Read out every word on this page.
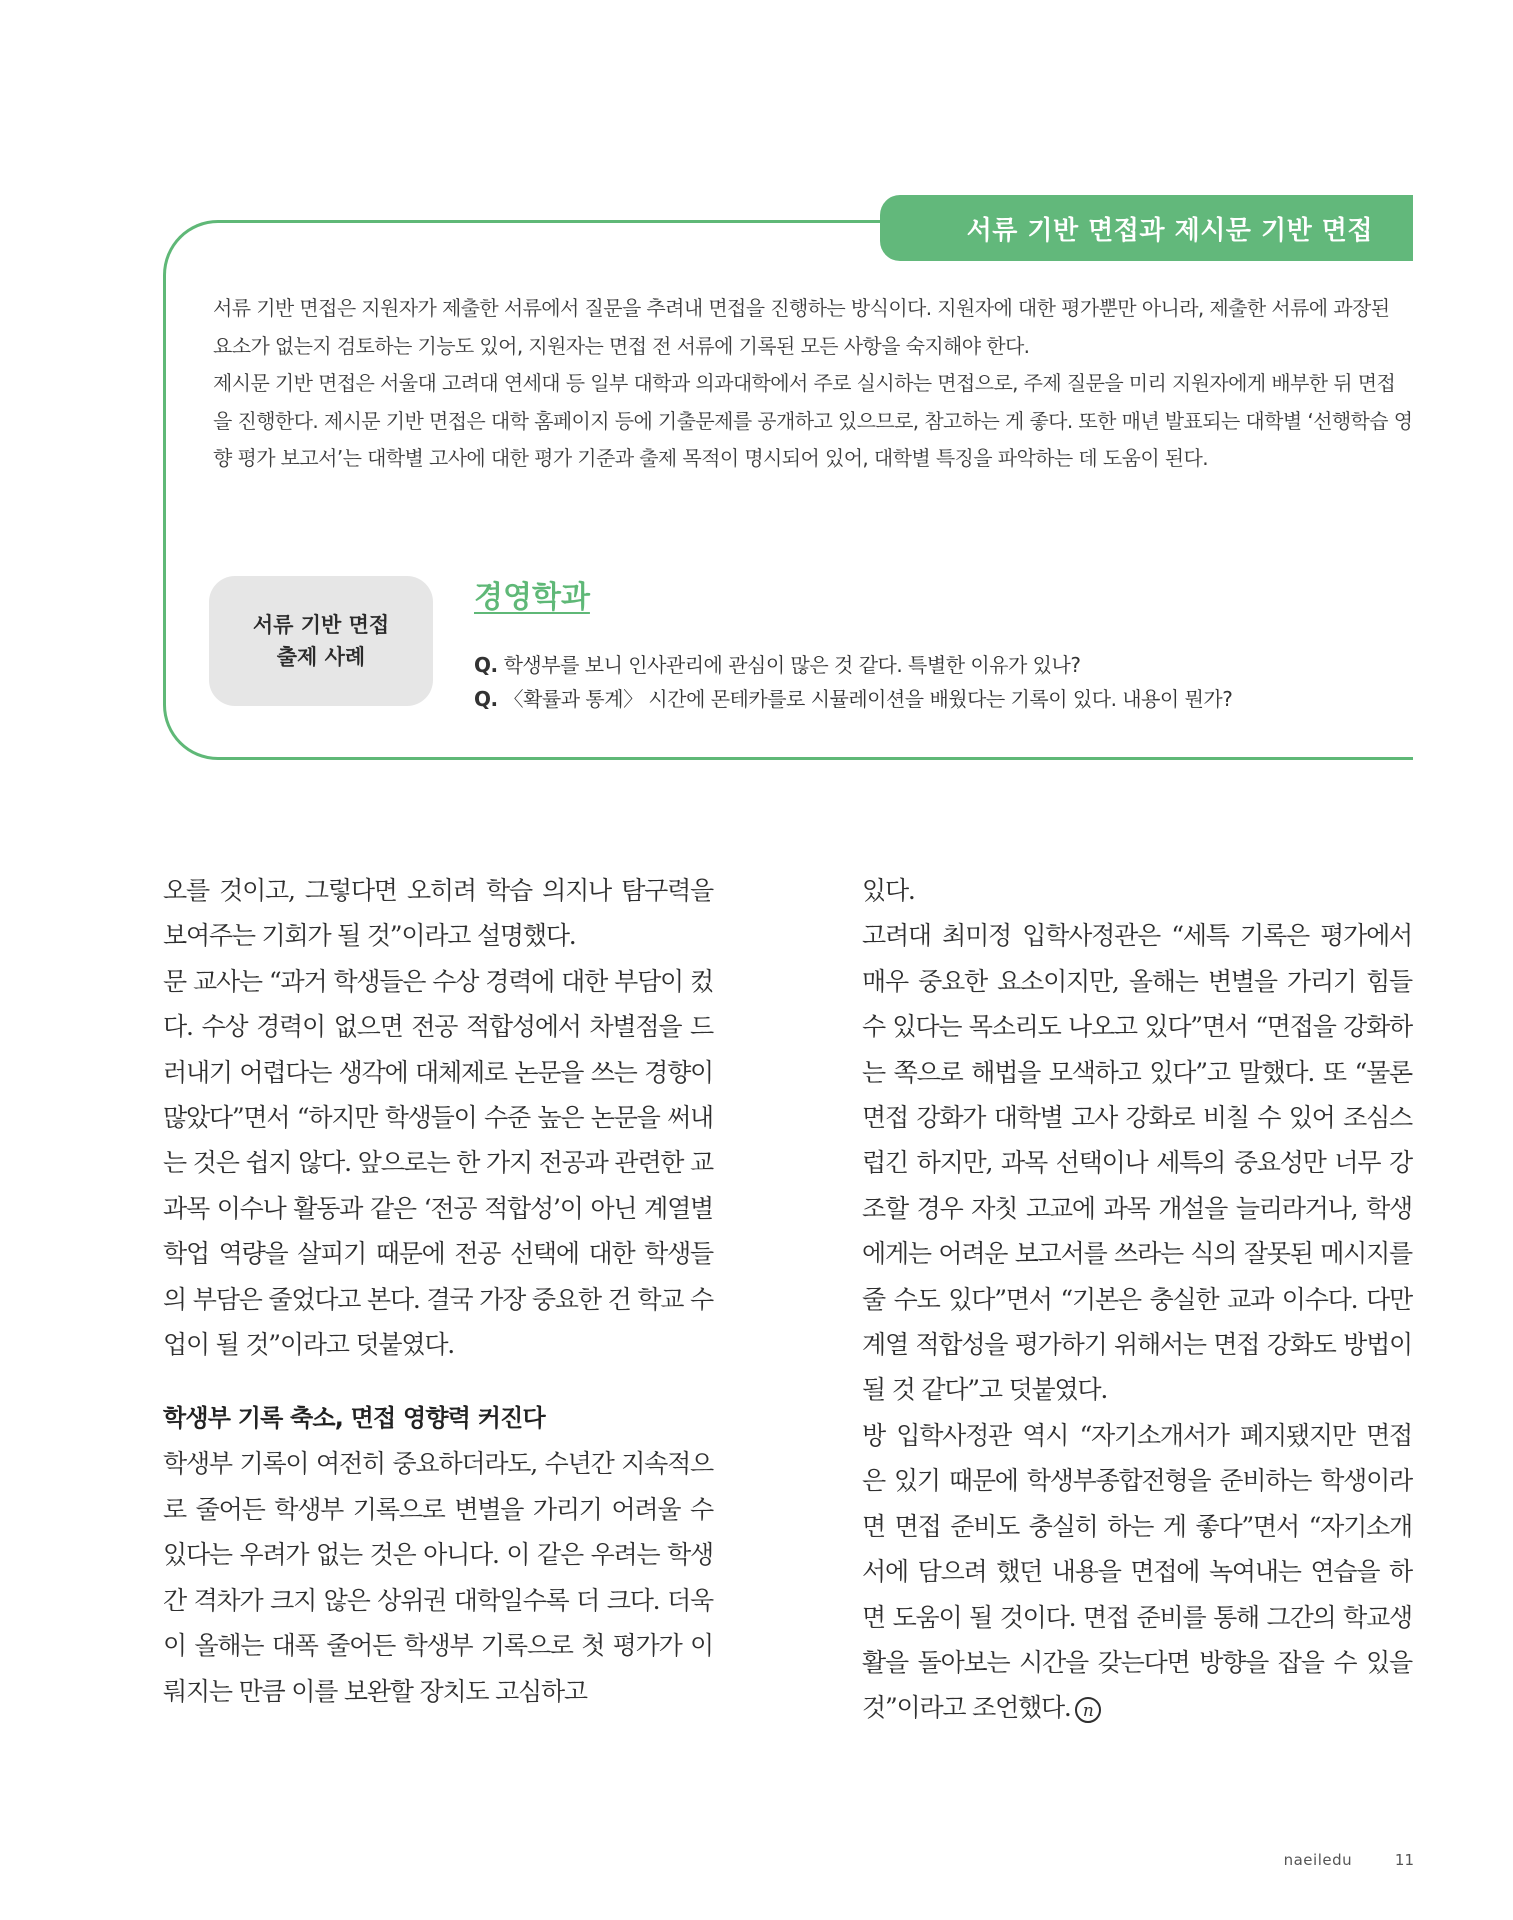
서류 기반 면접과 제시문 기반 면접

서류 기반 면접은 지원자가 제출한 서류에서 질문을 추려내 면접을 진행하는 방식이다. 지원자에 대한 평가뿐만 아니라, 제출한 서류에 과장된 요소가 없는지 검토하는 기능도 있어, 지원자는 면접 전 서류에 기록된 모든 사항을 숙지해야 한다.

제시문 기반 면접은 서울대 고려대 연세대 등 일부 대학과 의과대학에서 주로 실시하는 면접으로, 주제 질문을 미리 지원자에게 배부한 뒤 면접을 진행한다. 제시문 기반 면접은 대학 홈페이지 등에 기출문제를 공개하고 있으므로, 참고하는 게 좋다. 또한 매년 발표되는 대학별 ‘선행학습 영향 평가 보고서’는 대학별 고사에 대한 평가 기준과 출제 목적이 명시되어 있어, 대학별 특징을 파악하는 데 도움이 된다.

서류 기반 면접
출제 사례
경영학과
Q. 학생부를 보니 인사관리에 관심이 많은 것 같다. 특별한 이유가 있나?
Q. 〈확률과 통계〉 시간에 몬테카를로 시뮬레이션을 배웠다는 기록이 있다. 내용이 뭔가?

오를 것이고, 그렇다면 오히려 학습 의지나 탐구력을 보여주는 기회가 될 것”이라고 설명했다.

문 교사는 “과거 학생들은 수상 경력에 대한 부담이 컸다. 수상 경력이 없으면 전공 적합성에서 차별점을 드러내기 어렵다는 생각에 대체제로 논문을 쓰는 경향이 많았다”면서 “하지만 학생들이 수준 높은 논문을 써내는 것은 쉽지 않다. 앞으로는 한 가지 전공과 관련한 교과목 이수나 활동과 같은 ‘전공 적합성’이 아닌 계열별 학업 역량을 살피기 때문에 전공 선택에 대한 학생들의 부담은 줄었다고 본다. 결국 가장 중요한 건 학교 수업이 될 것”이라고 덧붙였다.

학생부 기록 축소, 면접 영향력 커진다

학생부 기록이 여전히 중요하더라도, 수년간 지속적으로 줄어든 학생부 기록으로 변별을 가리기 어려울 수 있다는 우려가 없는 것은 아니다. 이 같은 우려는 학생 간 격차가 크지 않은 상위권 대학일수록 더 크다. 더욱이 올해는 대폭 줄어든 학생부 기록으로 첫 평가가 이뤄지는 만큼 이를 보완할 장치도 고심하고

있다.

고려대 최미정 입학사정관은 “세특 기록은 평가에서 매우 중요한 요소이지만, 올해는 변별을 가리기 힘들 수 있다는 목소리도 나오고 있다”면서 “면접을 강화하는 쪽으로 해법을 모색하고 있다”고 말했다. 또 “물론 면접 강화가 대학별 고사 강화로 비칠 수 있어 조심스럽긴 하지만, 과목 선택이나 세특의 중요성만 너무 강조할 경우 자칫 고교에 과목 개설을 늘리라거나, 학생에게는 어려운 보고서를 쓰라는 식의 잘못된 메시지를 줄 수도 있다”면서 “기본은 충실한 교과 이수다. 다만 계열 적합성을 평가하기 위해서는 면접 강화도 방법이 될 것 같다”고 덧붙였다.

방 입학사정관 역시 “자기소개서가 폐지됐지만 면접은 있기 때문에 학생부종합전형을 준비하는 학생이라면 면접 준비도 충실히 하는 게 좋다”면서 “자기소개서에 담으려 했던 내용을 면접에 녹여내는 연습을 하면 도움이 될 것이다. 면접 준비를 통해 그간의 학교생활을 돌아보는 시간을 갖는다면 방향을 잡을 수 있을 것”이라고 조언했다. n

naeiledu	11
